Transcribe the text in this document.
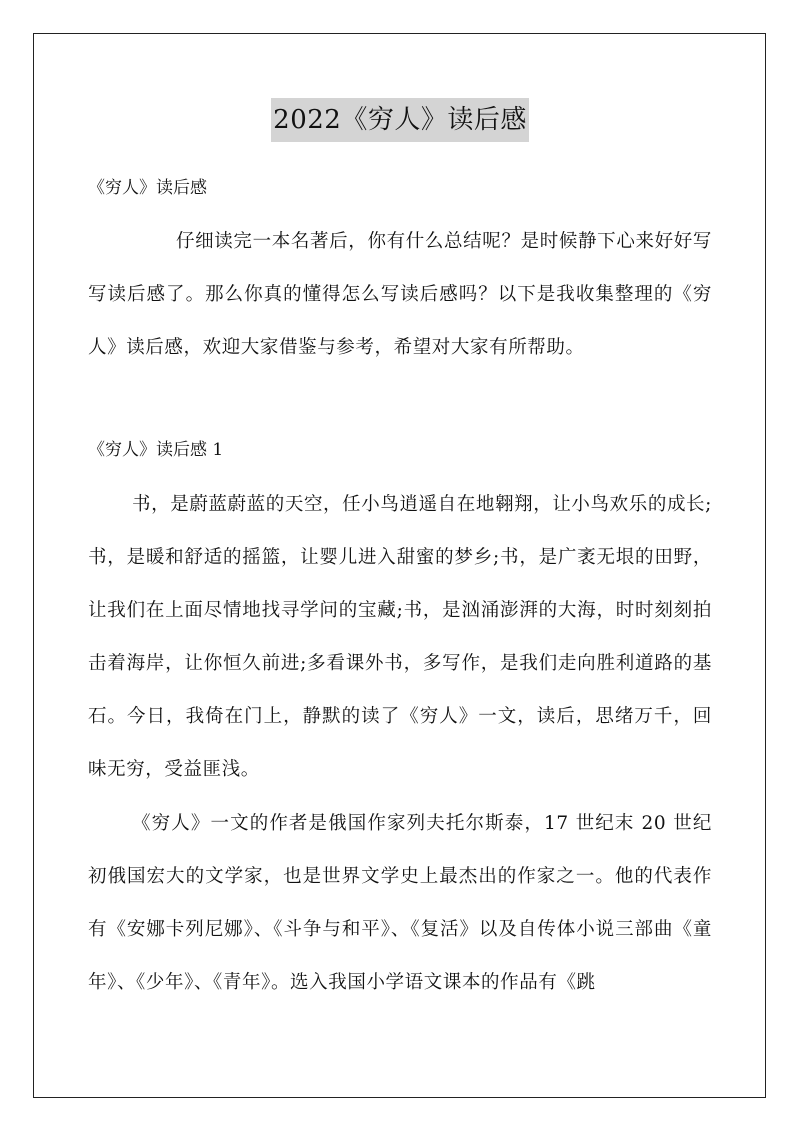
2022《穷人》读后感
《穷人》读后感

仔细读完一本名著后，你有什么总结呢？是时候静下心来好好写写读后感了。那么你真的懂得怎么写读后感吗？以下是我收集整理的《穷人》读后感，欢迎大家借鉴与参考，希望对大家有所帮助。

《穷人》读后感 1

书，是蔚蓝蔚蓝的天空，任小鸟逍遥自在地翱翔，让小鸟欢乐的成长;书，是暖和舒适的摇篮，让婴儿进入甜蜜的梦乡;书，是广袤无垠的田野，让我们在上面尽情地找寻学问的宝藏;书，是汹涌澎湃的大海，时时刻刻拍击着海岸，让你恒久前进;多看课外书，多写作，是我们走向胜利道路的基石。今日，我倚在门上，静默的读了《穷人》一文，读后，思绪万千，回味无穷，受益匪浅。

《穷人》一文的作者是俄国作家列夫托尔斯泰，17 世纪末 20 世纪初俄国宏大的文学家，也是世界文学史上最杰出的作家之一。他的代表作有《安娜卡列尼娜》、《斗争与和平》、《复活》以及自传体小说三部曲《童年》、《少年》、《青年》。选入我国小学语文课本的作品有《跳
